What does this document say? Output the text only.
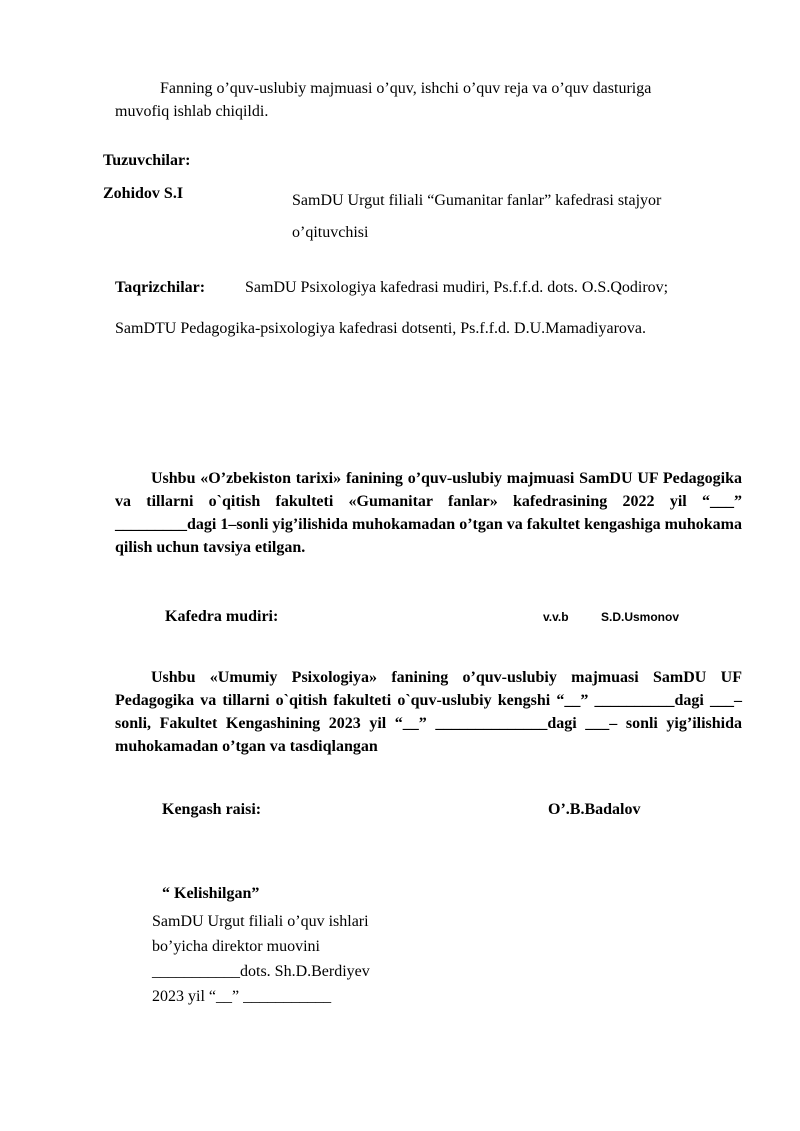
Fanning o’quv-uslubiy majmuasi o’quv, ishchi o’quv reja va o’quv dasturiga
muvofiq ishlab chiqildi.
Tuzuvchilar:
Zohidov S.I	SamDU Urgut filiali “Gumanitar fanlar” kafedrasi stajyor
o’qituvchisi
Taqrizchilar: SamDU Psixologiya kafedrasi mudiri, Ps.f.f.d. dots. O.S.Qodirov;
SamDTU Pedagogika-psixologiya kafedrasi dotsenti, Ps.f.f.d. D.U.Mamadiyarova.

Ushbu «O’zbekiston tarixi» fanining o’quv-uslubiy majmuasi SamDU UF Pedagogika va tillarni o`qitish fakulteti «Gumanitar fanlar» kafedrasining 2022 yil “___” _________dagi 1–sonli yig’ilishida muhokamadan o’tgan va fakultet kengashiga muhokama qilish uchun tavsiya etilgan.

Kafedra mudiri:	v.v.b	S.D.Usmonov

Ushbu «Umumiy Psixologiya» fanining o’quv-uslubiy majmuasi SamDU UF Pedagogika va tillarni o`qitish fakulteti o`quv-uslubiy kengshi “__” __________dagi ___– sonli, Fakultet Kengashining 2023 yil “__” ______________dagi ___– sonli yig’ilishida muhokamadan o’tgan va tasdiqlangan

Kengash raisi:	O’.B.Badalov
“ Kelishilgan”
SamDU Urgut filiali o’quv ishlari
bo’yicha direktor muovini
___________dots. Sh.D.Berdiyev
2023 yil “__” ___________
